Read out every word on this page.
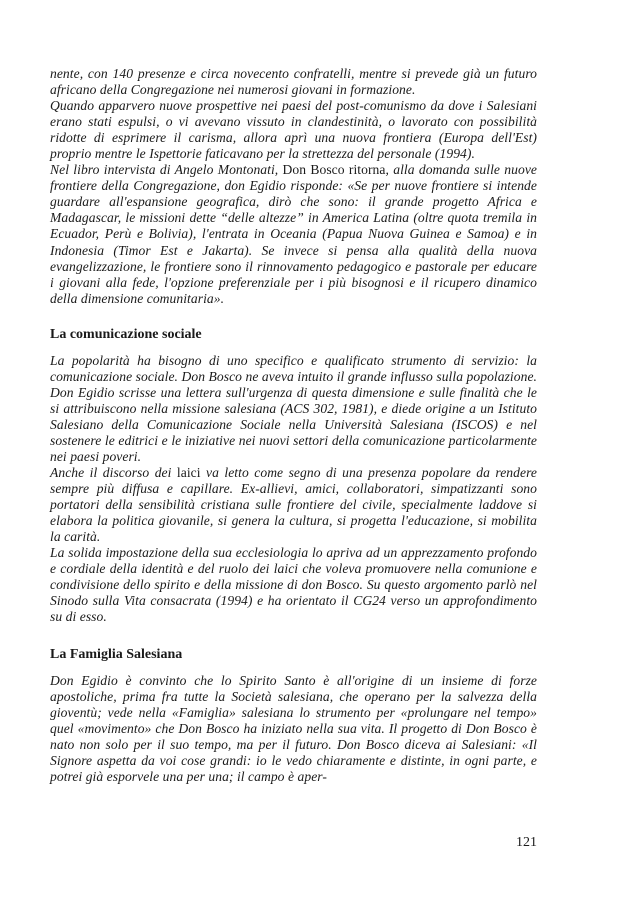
nente, con 140 presenze e circa novecento confratelli, mentre si prevede già un futuro africano della Congregazione nei numerosi giovani in formazione.

Quando apparvero nuove prospettive nei paesi del post-comunismo da dove i Salesiani erano stati espulsi, o vi avevano vissuto in clandestinità, o lavorato con possibilità ridotte di esprimere il carisma, allora aprì una nuova frontiera (Europa dell'Est) proprio mentre le Ispettorie faticavano per la strettezza del personale (1994).

Nel libro intervista di Angelo Montonati, Don Bosco ritorna, alla domanda sulle nuove frontiere della Congregazione, don Egidio risponde: «Se per nuove frontiere si intende guardare all'espansione geografica, dirò che sono: il grande progetto Africa e Madagascar, le missioni dette “delle altezze” in America Latina (oltre quota tremila in Ecuador, Perù e Bolivia), l'entrata in Oceania (Papua Nuova Guinea e Samoa) e in Indonesia (Timor Est e Jakarta). Se invece si pensa alla qualità della nuova evangelizzazione, le frontiere sono il rinnovamento pedagogico e pastorale per educare i giovani alla fede, l'opzione preferenziale per i più bisognosi e il ricupero dinamico della dimensione comunitaria».

La comunicazione sociale

La popolarità ha bisogno di uno specifico e qualificato strumento di servizio: la comunicazione sociale. Don Bosco ne aveva intuito il grande influsso sulla popolazione. Don Egidio scrisse una lettera sull'urgenza di questa dimensione e sulle finalità che le si attribuiscono nella missione salesiana (ACS 302, 1981), e diede origine a un Istituto Salesiano della Comunicazione Sociale nella Università Salesiana (ISCOS) e nel sostenere le editrici e le iniziative nei nuovi settori della comunicazione particolarmente nei paesi poveri.

Anche il discorso dei laici va letto come segno di una presenza popolare da rendere sempre più diffusa e capillare. Ex-allievi, amici, collaboratori, simpatizzanti sono portatori della sensibilità cristiana sulle frontiere del civile, specialmente laddove si elabora la politica giovanile, si genera la cultura, si progetta l'educazione, si mobilita la carità.

La solida impostazione della sua ecclesiologia lo apriva ad un apprezzamento profondo e cordiale della identità e del ruolo dei laici che voleva promuovere nella comunione e condivisione dello spirito e della missione di don Bosco. Su questo argomento parlò nel Sinodo sulla Vita consacrata (1994) e ha orientato il CG24 verso un approfondimento su di esso.

La Famiglia Salesiana

Don Egidio è convinto che lo Spirito Santo è all'origine di un insieme di forze apostoliche, prima fra tutte la Società salesiana, che operano per la salvezza della gioventù; vede nella «Famiglia» salesiana lo strumento per «prolungare nel tempo» quel «movimento» che Don Bosco ha iniziato nella sua vita. Il progetto di Don Bosco è nato non solo per il suo tempo, ma per il futuro. Don Bosco diceva ai Salesiani: «Il Signore aspetta da voi cose grandi: io le vedo chiaramente e distinte, in ogni parte, e potrei già esporvele una per una; il campo è aper-

121
